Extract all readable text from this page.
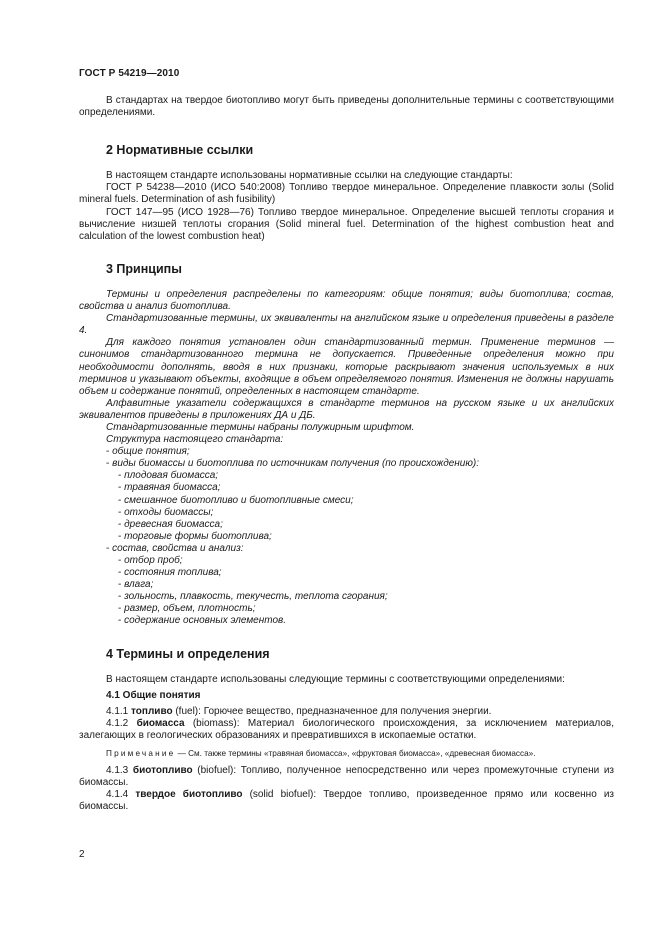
ГОСТ Р 54219—2010

В стандартах на твердое биотопливо могут быть приведены дополнительные термины с соответствующими определениями.

2 Нормативные ссылки

В настоящем стандарте использованы нормативные ссылки на следующие стандарты:

ГОСТ Р 54238—2010 (ИСО 540:2008) Топливо твердое минеральное. Определение плавкости золы (Solid mineral fuels. Determination of ash fusibility)

ГОСТ 147—95 (ИСО 1928—76) Топливо твердое минеральное. Определение высшей теплоты сгорания и вычисление низшей теплоты сгорания (Solid mineral fuel. Determination of the highest combustion heat and calculation of the lowest combustion heat)

3 Принципы

Термины и определения распределены по категориям: общие понятия; виды биотоплива; состав, свойства и анализ биотоплива.

Стандартизованные термины, их эквиваленты на английском языке и определения приведены в разделе 4.

Для каждого понятия установлен один стандартизованный термин. Применение терминов — синонимов стандартизованного термина не допускается. Приведенные определения можно при необходимости дополнять, вводя в них признаки, которые раскрывают значения используемых в них терминов и указывают объекты, входящие в объем определяемого понятия. Изменения не должны нарушать объем и содержание понятий, определенных в настоящем стандарте.

Алфавитные указатели содержащихся в стандарте терминов на русском языке и их английских эквивалентов приведены в приложениях ДА и ДБ.

Стандартизованные термины набраны полужирным шрифтом.

Структура настоящего стандарта:

- общие понятия;
- виды биомассы и биотоплива по источникам получения (по происхождению):
- плодовая биомасса;
- травяная биомасса;
- смешанное биотопливо и биотопливные смеси;
- отходы биомассы;
- древесная биомасса;
- торговые формы биотоплива;
- состав, свойства и анализ:
- отбор проб;
- состояния топлива;
- влага;
- зольность, плавкость, текучесть, теплота сгорания;
- размер, объем, плотность;
- содержание основных элементов.
4 Термины и определения

В настоящем стандарте использованы следующие термины с соответствующими определениями:

4.1 Общие понятия

4.1.1 топливо (fuel): Горючее вещество, предназначенное для получения энергии.

4.1.2 биомасса (biomass): Материал биологического происхождения, за исключением материалов, залегающих в геологических образованиях и превратившихся в ископаемые остатки.

Примечание — См. также термины «травяная биомасса», «фруктовая биомасса», «древесная биомасса».

4.1.3 биотопливо (biofuel): Топливо, полученное непосредственно или через промежуточные ступени из биомассы.

4.1.4 твердое биотопливо (solid biofuel): Твердое топливо, произведенное прямо или косвенно из биомассы.

2
